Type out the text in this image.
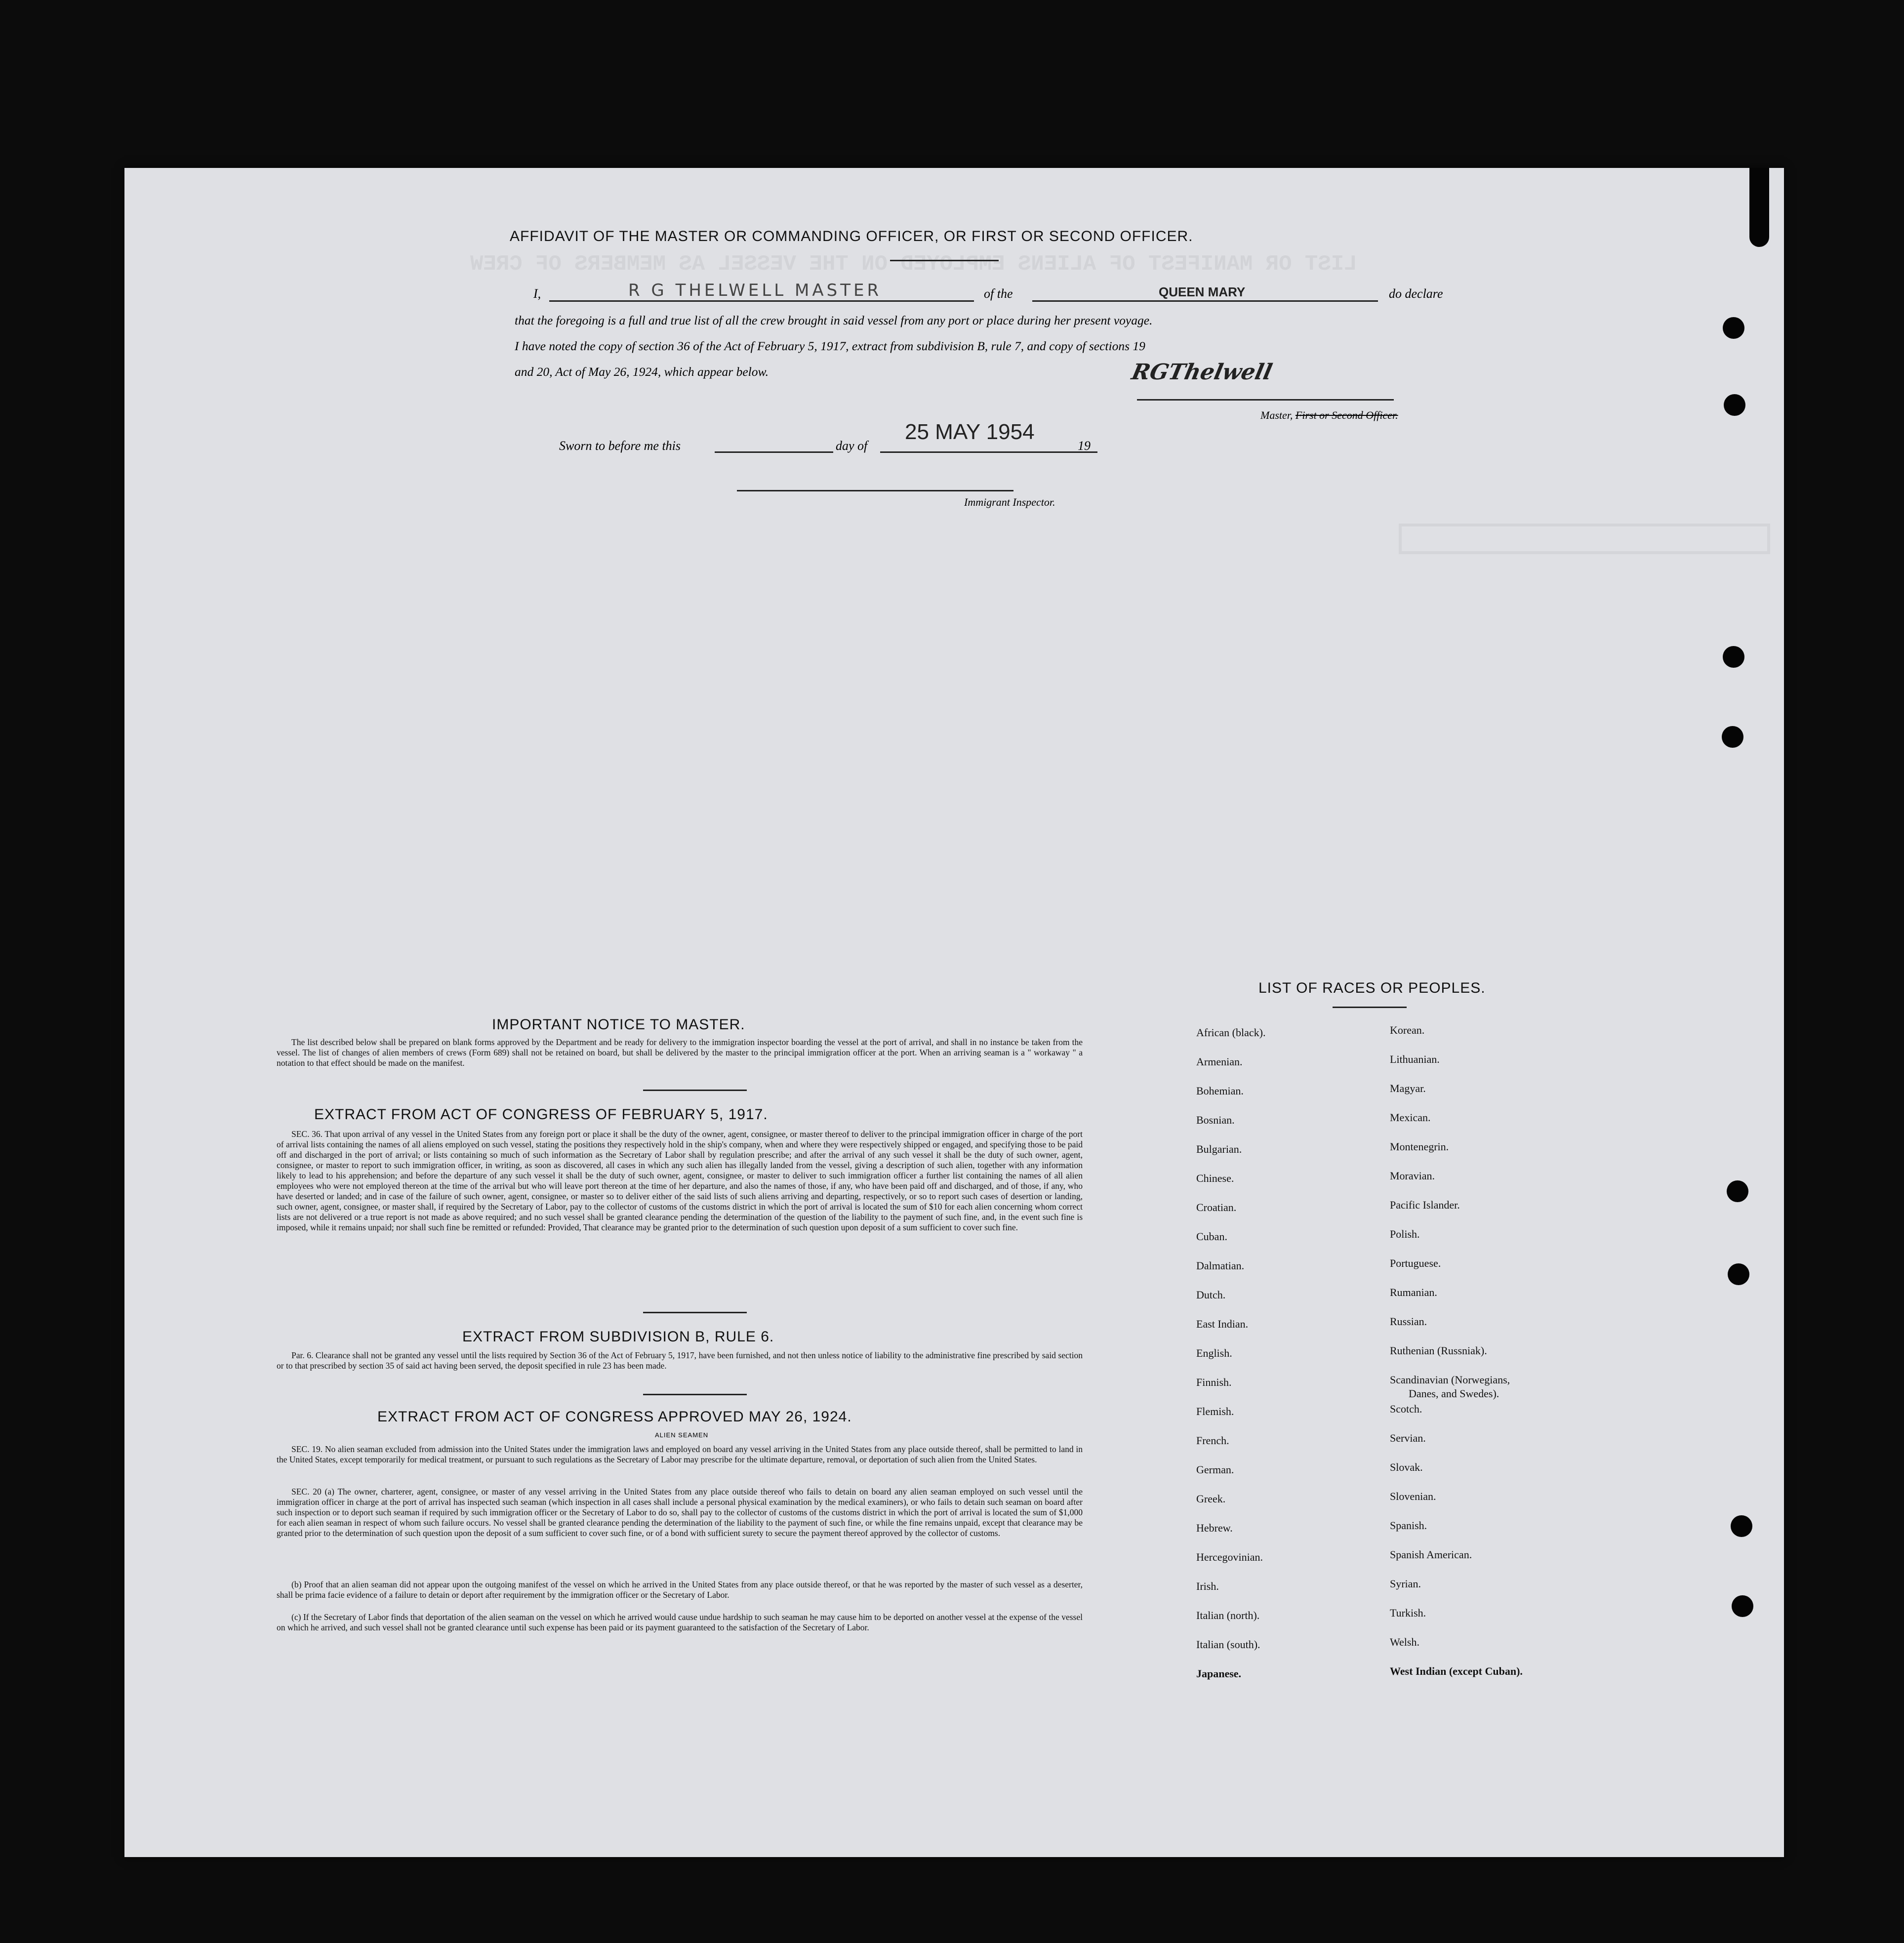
LIST OR MANIFEST OF ALIENS EMPLOYED ON THE VESSEL AS MEMBERS OF CREW
AFFIDAVIT OF THE MASTER OR COMMANDING OFFICER, OR FIRST OR SECOND OFFICER.
I,	R G THELWELL MASTER	of the	QUEEN MARY	do declare
that the foregoing is a full and true list of all the crew brought in said vessel from any port or place during her present voyage.
I have noted the copy of section 36 of the Act of February 5, 1917, extract from subdivision B, rule 7, and copy of sections 19
and 20, Act of May 26, 1924, which appear below.	RGThelwell
Master, First or Second Officer.
Sworn to before me this	day of
25 MAY 1954
19
Immigrant Inspector.
IMPORTANT NOTICE TO MASTER.
The list described below shall be prepared on blank forms approved by the Department and be ready for delivery to the immigration inspector boarding the vessel at the port of arrival, and shall in no instance be taken from the vessel. The list of changes of alien members of crews (Form 689) shall not be retained on board, but shall be delivered by the master to the principal immigration officer at the port. When an arriving seaman is a " workaway " a notation to that effect should be made on the manifest.
EXTRACT FROM ACT OF CONGRESS OF FEBRUARY 5, 1917.
SEC. 36. That upon arrival of any vessel in the United States from any foreign port or place it shall be the duty of the owner, agent, consignee, or master thereof to deliver to the principal immigration officer in charge of the port of arrival lists containing the names of all aliens employed on such vessel, stating the positions they respectively hold in the ship's company, when and where they were respectively shipped or engaged, and specifying those to be paid off and discharged in the port of arrival; or lists containing so much of such information as the Secretary of Labor shall by regulation prescribe; and after the arrival of any such vessel it shall be the duty of such owner, agent, consignee, or master to report to such immigration officer, in writing, as soon as discovered, all cases in which any such alien has illegally landed from the vessel, giving a description of such alien, together with any information likely to lead to his apprehension; and before the departure of any such vessel it shall be the duty of such owner, agent, consignee, or master to deliver to such immigration officer a further list containing the names of all alien employees who were not employed thereon at the time of the arrival but who will leave port thereon at the time of her departure, and also the names of those, if any, who have been paid off and discharged, and of those, if any, who have deserted or landed; and in case of the failure of such owner, agent, consignee, or master so to deliver either of the said lists of such aliens arriving and departing, respectively, or so to report such cases of desertion or landing, such owner, agent, consignee, or master shall, if required by the Secretary of Labor, pay to the collector of customs of the customs district in which the port of arrival is located the sum of $10 for each alien concerning whom correct lists are not delivered or a true report is not made as above required; and no such vessel shall be granted clearance pending the determination of the question of the liability to the payment of such fine, and, in the event such fine is imposed, while it remains unpaid; nor shall such fine be remitted or refunded: Provided, That clearance may be granted prior to the determination of such question upon deposit of a sum sufficient to cover such fine.
EXTRACT FROM SUBDIVISION B, RULE 6.
Par. 6. Clearance shall not be granted any vessel until the lists required by Section 36 of the Act of February 5, 1917, have been furnished, and not then unless notice of liability to the administrative fine prescribed by said section or to that prescribed by section 35 of said act having been served, the deposit specified in rule 23 has been made.
EXTRACT FROM ACT OF CONGRESS APPROVED MAY 26, 1924.
ALIEN SEAMEN
SEC. 19. No alien seaman excluded from admission into the United States under the immigration laws and employed on board any vessel arriving in the United States from any place outside thereof, shall be permitted to land in the United States, except temporarily for medical treatment, or pursuant to such regulations as the Secretary of Labor may prescribe for the ultimate departure, removal, or deportation of such alien from the United States.
SEC. 20 (a) The owner, charterer, agent, consignee, or master of any vessel arriving in the United States from any place outside thereof who fails to detain on board any alien seaman employed on such vessel until the immigration officer in charge at the port of arrival has inspected such seaman (which inspection in all cases shall include a personal physical examination by the medical examiners), or who fails to detain such seaman on board after such inspection or to deport such seaman if required by such immigration officer or the Secretary of Labor to do so, shall pay to the collector of customs of the customs district in which the port of arrival is located the sum of $1,000 for each alien seaman in respect of whom such failure occurs. No vessel shall be granted clearance pending the determination of the liability to the payment of such fine, or while the fine remains unpaid, except that clearance may be granted prior to the determination of such question upon the deposit of a sum sufficient to cover such fine, or of a bond with sufficient surety to secure the payment thereof approved by the collector of customs.
(b) Proof that an alien seaman did not appear upon the outgoing manifest of the vessel on which he arrived in the United States from any place outside thereof, or that he was reported by the master of such vessel as a deserter, shall be prima facie evidence of a failure to detain or deport after requirement by the immigration officer or the Secretary of Labor.
(c) If the Secretary of Labor finds that deportation of the alien seaman on the vessel on which he arrived would cause undue hardship to such seaman he may cause him to be deported on another vessel at the expense of the vessel on which he arrived, and such vessel shall not be granted clearance until such expense has been paid or its payment guaranteed to the satisfaction of the Secretary of Labor.
LIST OF RACES OR PEOPLES.
African (black).
Armenian.
Bohemian.
Bosnian.
Bulgarian.
Chinese.
Croatian.
Cuban.
Dalmatian.
Dutch.
East Indian.
English.
Finnish.
Flemish.
French.
German.
Greek.
Hebrew.
Hercegovinian.
Irish.
Italian (north).
Italian (south).
Japanese.
Korean.
Lithuanian.
Magyar.
Mexican.
Montenegrin.
Moravian.
Pacific Islander.
Polish.
Portuguese.
Rumanian.
Russian.
Ruthenian (Russniak).
Scandinavian (Norwegians,
Danes, and Swedes).
Scotch.
Servian.
Slovak.
Slovenian.
Spanish.
Spanish American.
Syrian.
Turkish.
Welsh.
West Indian (except Cuban).
